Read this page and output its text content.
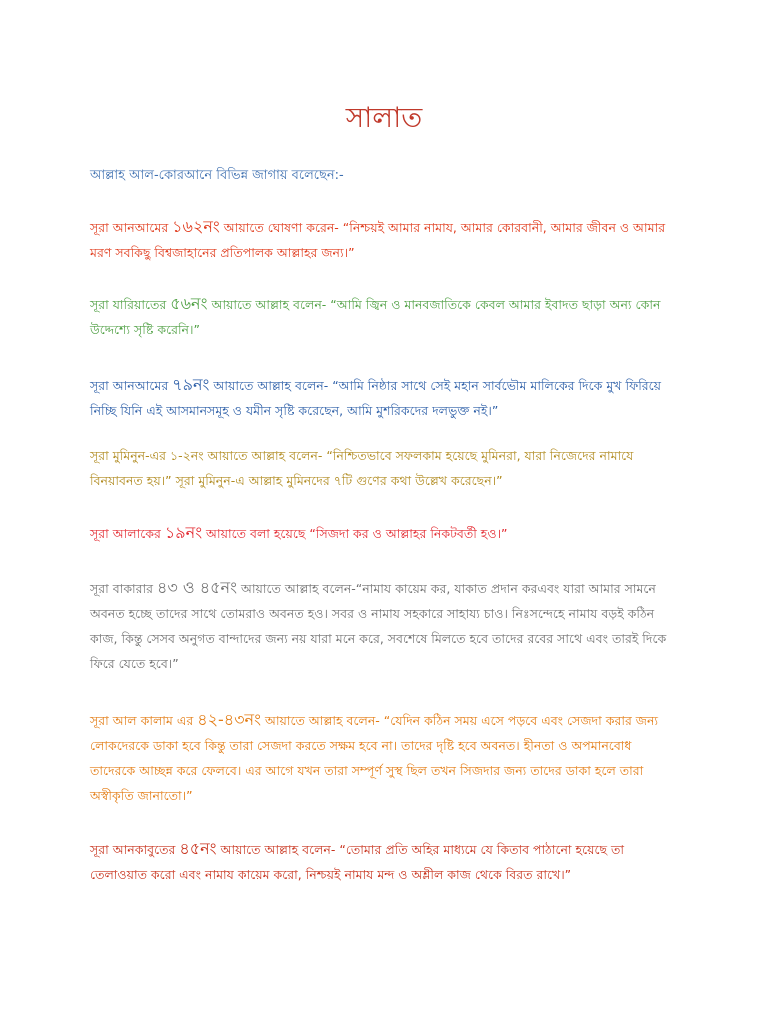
সালাত
আল্লাহ আল-কোরআনে বিভিন্ন জাগায় বলেছেন:-
সূরা আনআমের ১৬২নং আয়াতে ঘোষণা করেন- “নিশ্চয়ই আমার নামায, আমার কোরবানী, আমার জীবন ও আমার মরণ সবকিছু বিশ্বজাহানের প্রতিপালক আল্লাহর জন্য।”
সূরা যারিয়াতের ৫৬নং আয়াতে আল্লাহ বলেন- “আমি জ্বিন ও মানবজাতিকে কেবল আমার ইবাদত ছাড়া অন্য কোন উদ্দেশ্যে সৃষ্টি করেনি।”
সূরা আনআমের ৭৯নং আয়াতে আল্লাহ বলেন- “আমি নিষ্ঠার সাথে সেই মহান সার্বভৌম মালিকের দিকে মুখ ফিরিয়ে নিচ্ছি যিনি এই আসমানসমূহ ও যমীন সৃষ্টি করেছেন, আমি মুশরিকদের দলভুক্ত নই।”
সূরা মুমিনুন-এর ১-২নং আয়াতে আল্লাহ বলেন- “নিশ্চিতভাবে সফলকাম হয়েছে মুমিনরা, যারা নিজেদের নামাযে বিনয়াবনত হয়।” সূরা মুমিনুন-এ আল্লাহ মুমিনদের ৭টি গুণের কথা উল্লেখ করেছেন।”
সূরা আলাকের ১৯নং আয়াতে বলা হয়েছে “সিজদা কর ও আল্লাহর নিকটবর্তী হও।”
সূরা বাকারার ৪৩ ও ৪৫নং আয়াতে আল্লাহ বলেন-“নামায কায়েম কর, যাকাত প্রদান করএবং যারা আমার সামনে অবনত হচ্ছে তাদের সাথে তোমরাও অবনত হও। সবর ও নামায সহকারে সাহায্য চাও। নিঃসন্দেহে নামায বড়ই কঠিন কাজ, কিন্তু সেসব অনুগত বান্দাদের জন্য নয় যারা মনে করে, সবশেষে মিলতে হবে তাদের রবের সাথে এবং তারই দিকে ফিরে যেতে হবে।”
সূরা আল কালাম এর ৪২-৪৩নং আয়াতে আল্লাহ বলেন- “যেদিন কঠিন সময় এসে পড়বে এবং সেজদা করার জন্য লোকদেরকে ডাকা হবে কিন্তু তারা সেজদা করতে সক্ষম হবে না। তাদের দৃষ্টি হবে অবনত। হীনতা ও অপমানবোধ তাদেরকে আচ্ছন্ন করে ফেলবে। এর আগে যখন তারা সম্পূর্ণ সুস্থ ছিল তখন সিজদার জন্য তাদের ডাকা হলে তারা অস্বীকৃতি জানাতো।”
সূরা আনকাবুতের ৪৫নং আয়াতে আল্লাহ বলেন- “তোমার প্রতি অহির মাধ্যমে যে কিতাব পাঠানো হয়েছে তা তেলাওয়াত করো এবং নামায কায়েম করো, নিশ্চয়ই নামায মন্দ ও অশ্লীল কাজ থেকে বিরত রাখে।”
